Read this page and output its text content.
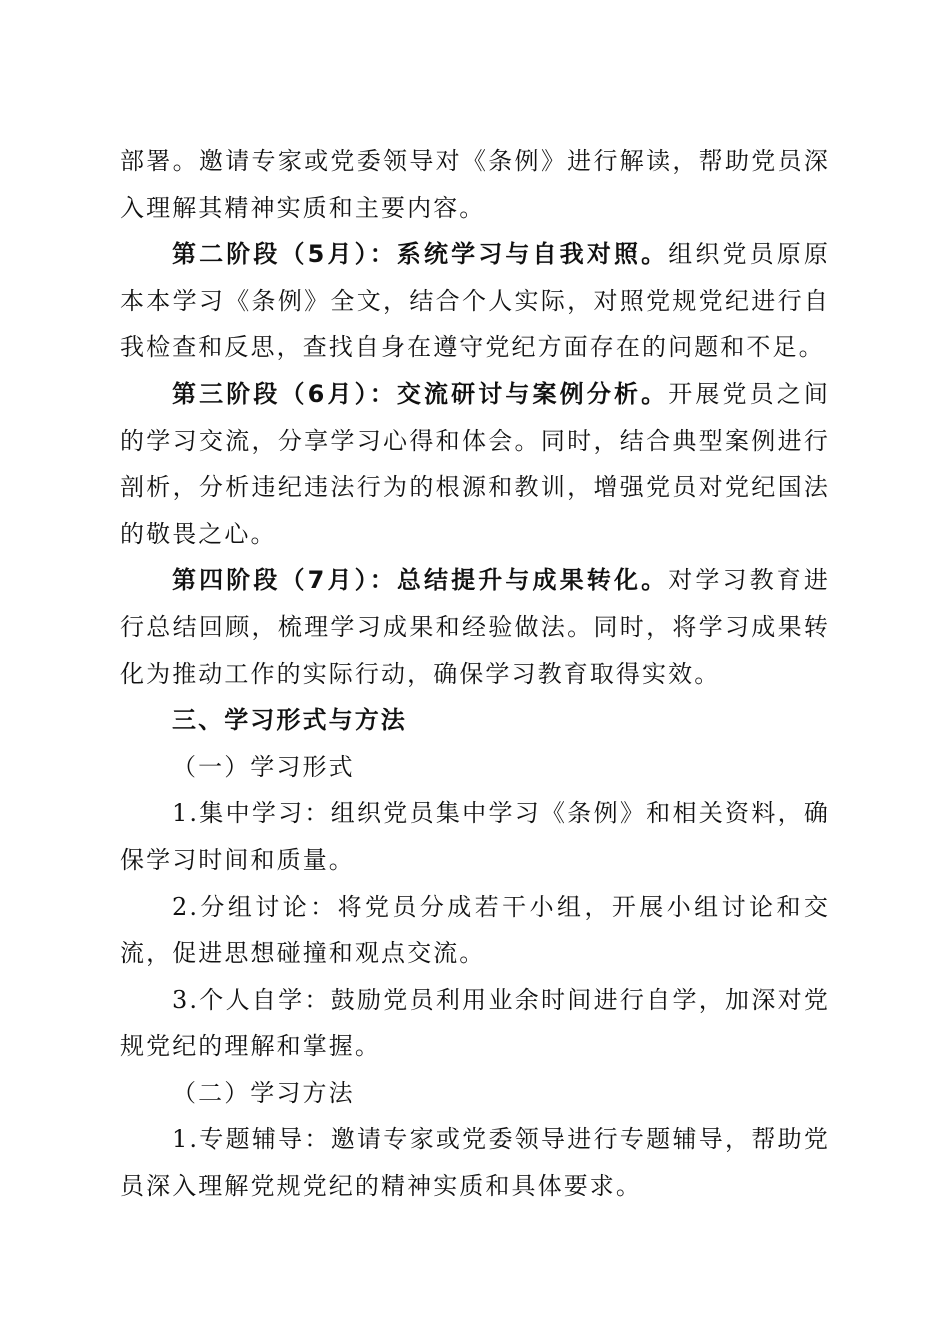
部署。邀请专家或党委领导对《条例》进行解读，帮助党员深入理解其精神实质和主要内容。

第二阶段（5月）：系统学习与自我对照。组织党员原原本本学习《条例》全文，结合个人实际，对照党规党纪进行自我检查和反思，查找自身在遵守党纪方面存在的问题和不足。

第三阶段（6月）：交流研讨与案例分析。开展党员之间的学习交流，分享学习心得和体会。同时，结合典型案例进行剖析，分析违纪违法行为的根源和教训，增强党员对党纪国法的敬畏之心。

第四阶段（7月）：总结提升与成果转化。对学习教育进行总结回顾，梳理学习成果和经验做法。同时，将学习成果转化为推动工作的实际行动，确保学习教育取得实效。

三、学习形式与方法

（一）学习形式

1.集中学习：组织党员集中学习《条例》和相关资料，确保学习时间和质量。

2.分组讨论：将党员分成若干小组，开展小组讨论和交流，促进思想碰撞和观点交流。

3.个人自学：鼓励党员利用业余时间进行自学，加深对党规党纪的理解和掌握。

（二）学习方法

1.专题辅导：邀请专家或党委领导进行专题辅导，帮助党员深入理解党规党纪的精神实质和具体要求。
